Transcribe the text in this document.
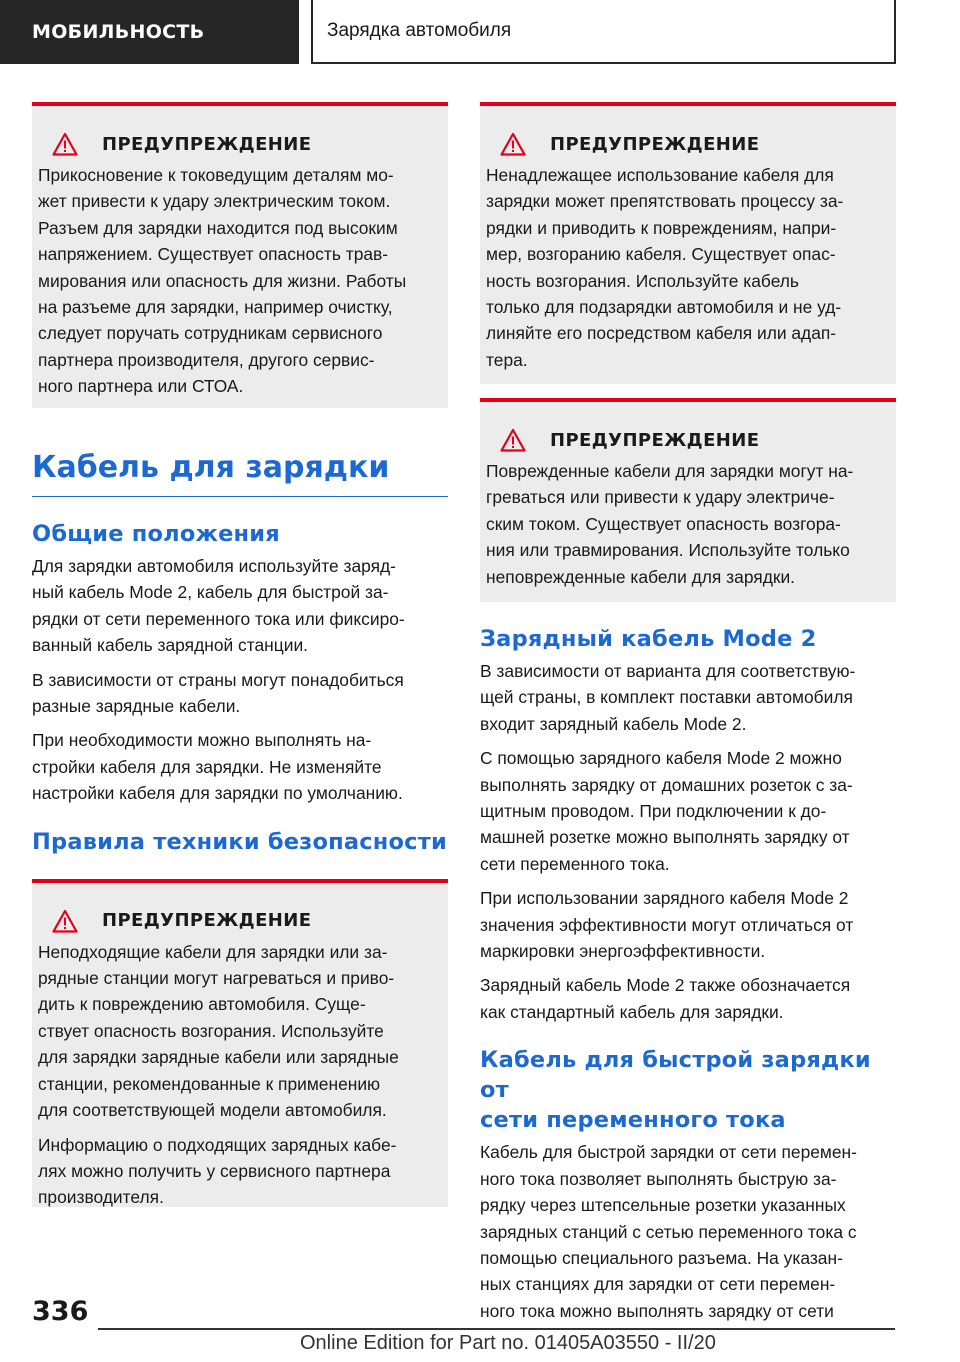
МОБИЛЬНОСТЬ	Зарядка автомобиля
ПРЕДУПРЕЖДЕНИЕ

Прикосновение к токоведущим деталям мо-
жет привести к удару электрическим током.
Разъем для зарядки находится под высоким
напряжением. Существует опасность трав-
мирования или опасность для жизни. Работы
на разъеме для зарядки, например очистку,
следует поручать сотрудникам сервисного
партнера производителя, другого сервис-
ного партнера или СТОА.

Кабель для зарядки
Общие положения

Для зарядки автомобиля используйте заряд-
ный кабель Mode 2, кабель для быстрой за-
рядки от сети переменного тока или фиксиро-
ванный кабель зарядной станции.

В зависимости от страны могут понадобиться
разные зарядные кабели.

При необходимости можно выполнять на-
стройки кабеля для зарядки. Не изменяйте
настройки кабеля для зарядки по умолчанию.

Правила техники безопасности
ПРЕДУПРЕЖДЕНИЕ

Неподходящие кабели для зарядки или за-
рядные станции могут нагреваться и приво-
дить к повреждению автомобиля. Суще-
ствует опасность возгорания. Используйте
для зарядки зарядные кабели или зарядные
станции, рекомендованные к применению
для соответствующей модели автомобиля.

Информацию о подходящих зарядных кабе-
лях можно получить у сервисного партнера
производителя.

ПРЕДУПРЕЖДЕНИЕ

Ненадлежащее использование кабеля для
зарядки может препятствовать процессу за-
рядки и приводить к повреждениям, напри-
мер, возгоранию кабеля. Существует опас-
ность возгорания. Используйте кабель
только для подзарядки автомобиля и не уд-
линяйте его посредством кабеля или адап-
тера.

ПРЕДУПРЕЖДЕНИЕ

Поврежденные кабели для зарядки могут на-
греваться или привести к удару электриче-
ским током. Существует опасность возгора-
ния или травмирования. Используйте только
неповрежденные кабели для зарядки.

Зарядный кабель Mode 2

В зависимости от варианта для соответствую-
щей страны, в комплект поставки автомобиля
входит зарядный кабель Mode 2.

С помощью зарядного кабеля Mode 2 можно
выполнять зарядку от домашних розеток с за-
щитным проводом. При подключении к до-
машней розетке можно выполнять зарядку от
сети переменного тока.

При использовании зарядного кабеля Mode 2
значения эффективности могут отличаться от
маркировки энергоэффективности.

Зарядный кабель Mode 2 также обозначается
как стандартный кабель для зарядки.

Кабель для быстрой зарядки от
сети переменного тока

Кабель для быстрой зарядки от сети перемен-
ного тока позволяет выполнять быструю за-
рядку через штепсельные розетки указанных
зарядных станций с сетью переменного тока с
помощью специального разъема. На указан-
ных станциях для зарядки от сети перемен-
ного тока можно выполнять зарядку от сети

336
Online Edition for Part no. 01405A03550 - II/20
